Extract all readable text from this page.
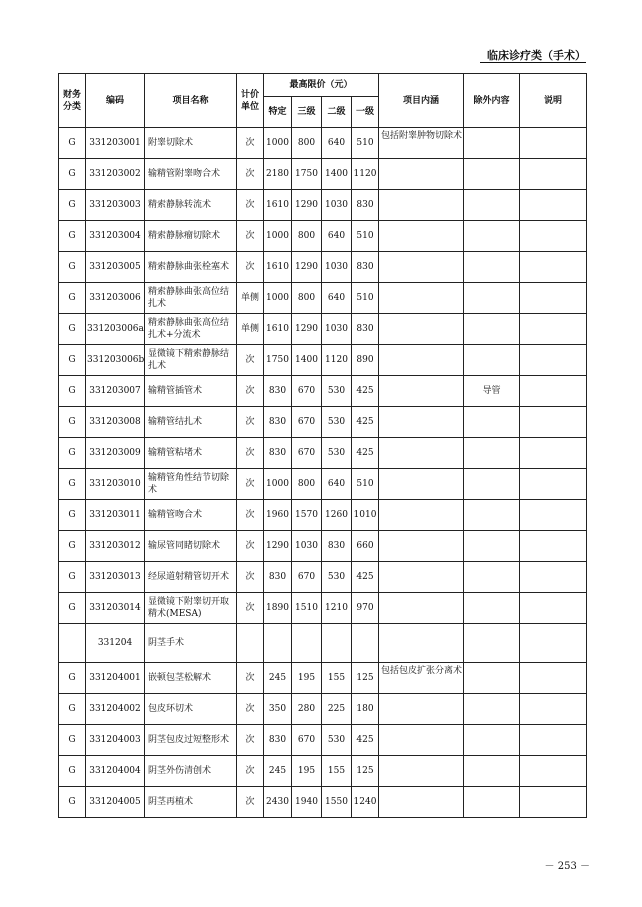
临床诊疗类（手术）
财务分类	编码	项目名称	计价单位	最高限价（元）				项目内涵	除外内容	说明
				特定	三级	二级	一级			
G	331203001	附睾切除术	次	1000	800	640	510	包括附睾肿物切除术		
G	331203002	输精管附睾吻合术	次	2180	1750	1400	1120			
G	331203003	精索静脉转流术	次	1610	1290	1030	830			
G	331203004	精索静脉瘤切除术	次	1000	800	640	510			
G	331203005	精索静脉曲张栓塞术	次	1610	1290	1030	830			
G	331203006	精索静脉曲张高位结扎术	单侧	1000	800	640	510			
G	331203006a	精索静脉曲张高位结扎术+分流术	单侧	1610	1290	1030	830			
G	331203006b	显微镜下精索静脉结扎术	次	1750	1400	1120	890			
G	331203007	输精管插管术	次	830	670	530	425		导管	
G	331203008	输精管结扎术	次	830	670	530	425			
G	331203009	输精管粘堵术	次	830	670	530	425			
G	331203010	输精管角性结节切除术	次	1000	800	640	510			
G	331203011	输精管吻合术	次	1960	1570	1260	1010			
G	331203012	输尿管同睹切除术	次	1290	1030	830	660			
G	331203013	经尿道射精管切开术	次	830	670	530	425			
G	331203014	显微镜下附睾切开取精术(MESA)	次	1890	1510	1210	970			
	331204	阴茎手术								
G	331204001	嵌顿包茎松解术	次	245	195	155	125	包括包皮扩张分离术		
G	331204002	包皮环切术	次	350	280	225	180			
G	331204003	阴茎包皮过短整形术	次	830	670	530	425			
G	331204004	阴茎外伤清创术	次	245	195	155	125			
G	331204005	阴茎再植术	次	2430	1940	1550	1240			
－ 253 －
